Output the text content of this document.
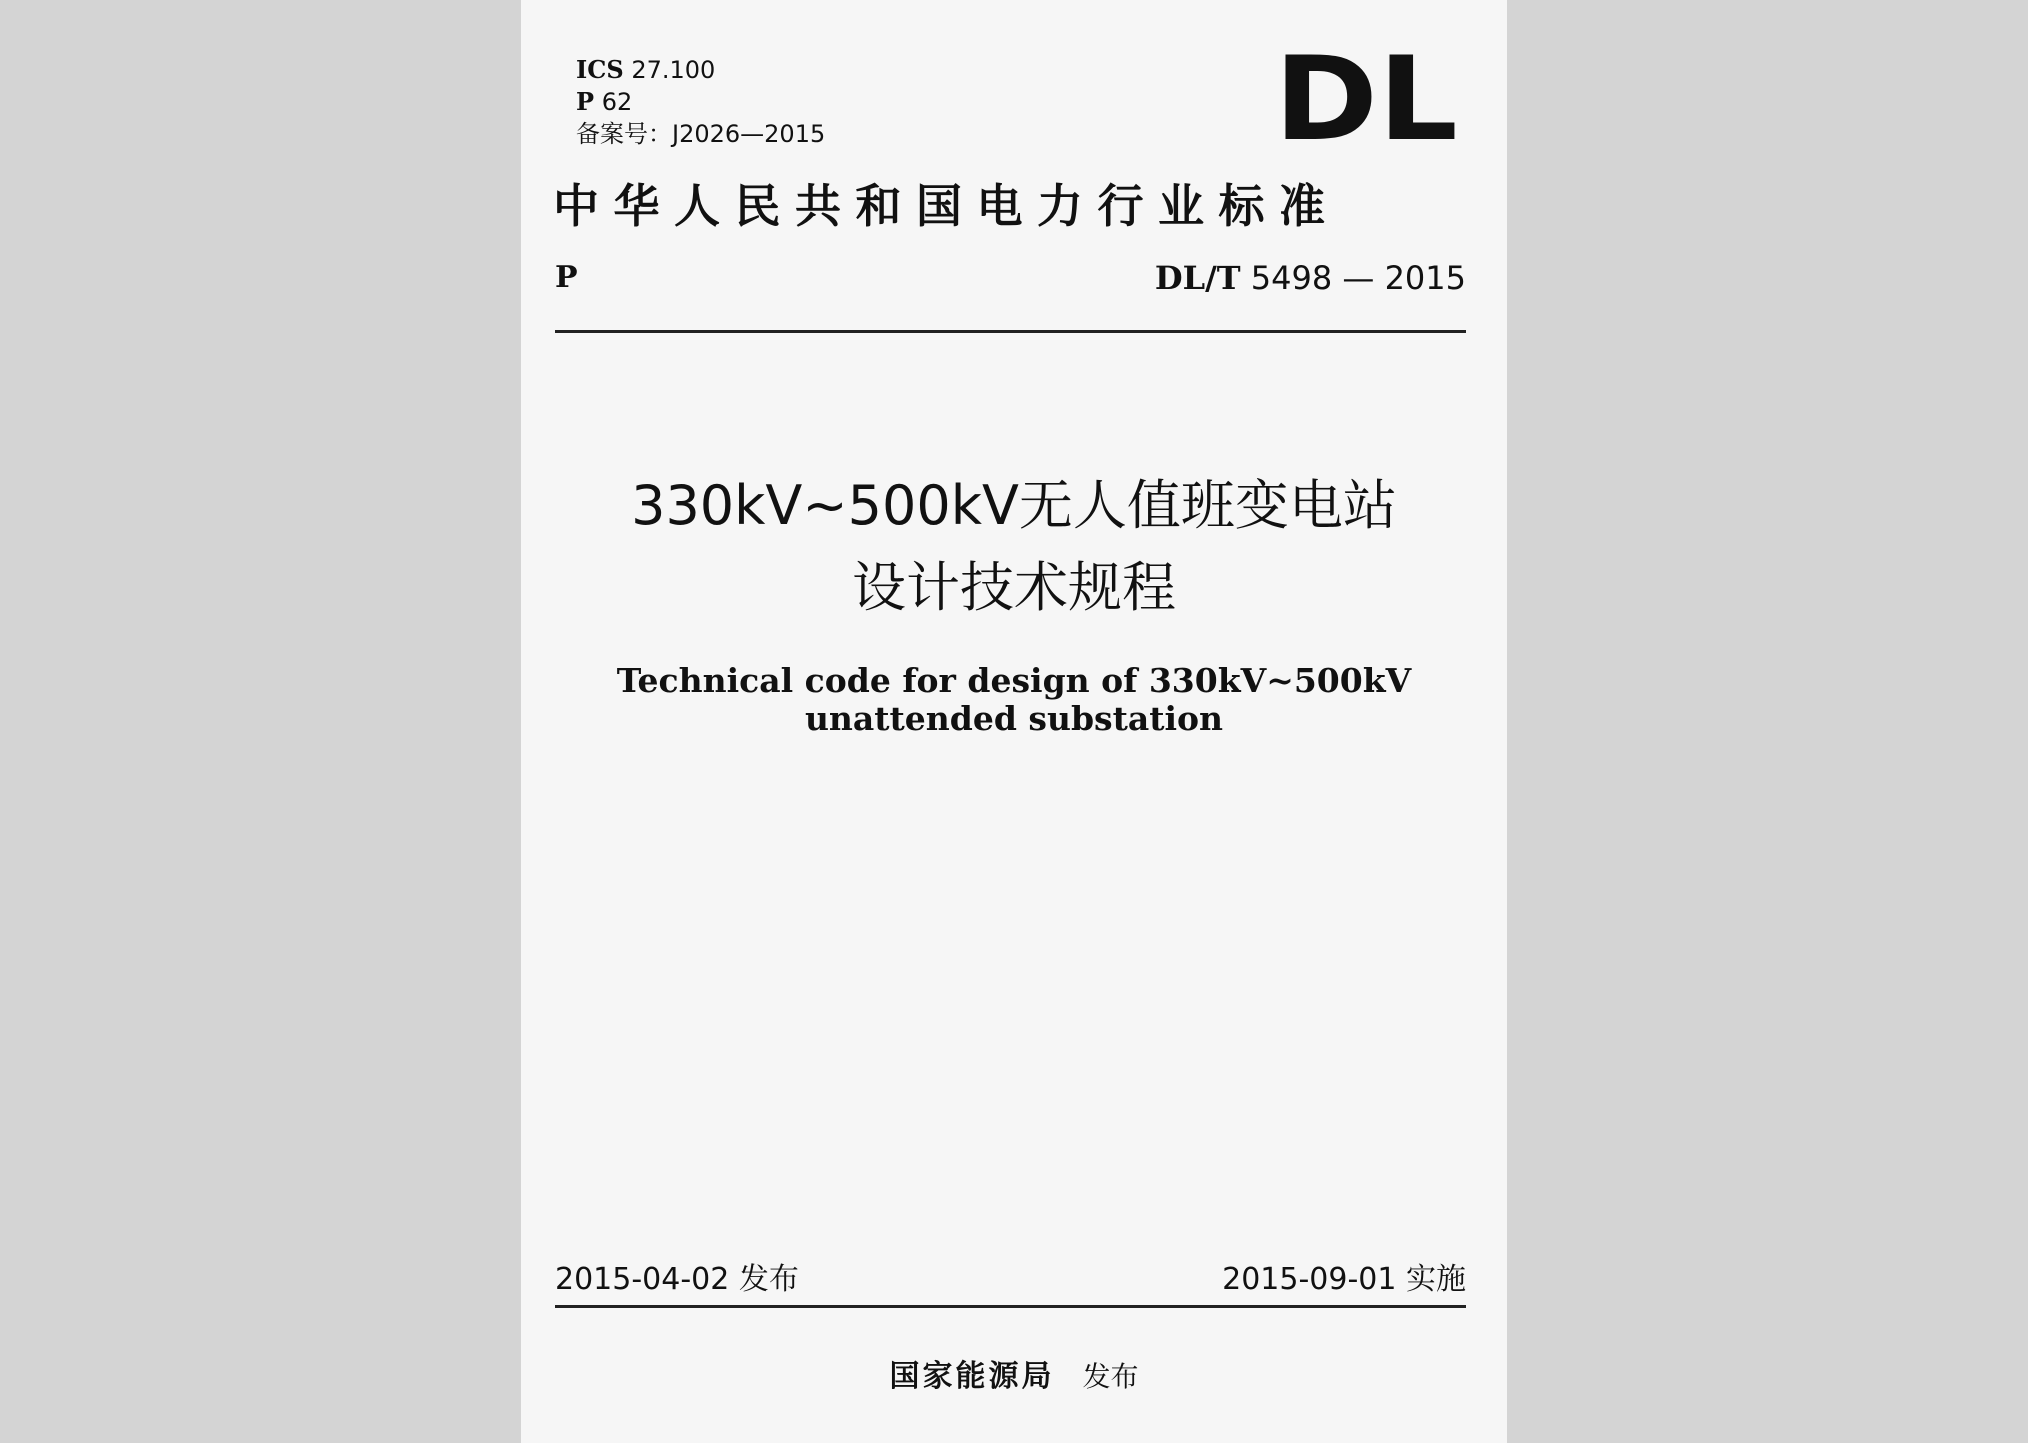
ICS 27.100
P 62
备案号：J2026—2015	DL
中华人民共和国电力行业标准
P	DL/T 5498 — 2015
330kV~500kV无人值班变电站
设计技术规程
Technical code for design of 330kV~500kV
unattended substation
2015-04-02 发布	2015-09-01 实施
国家能源局 发布
